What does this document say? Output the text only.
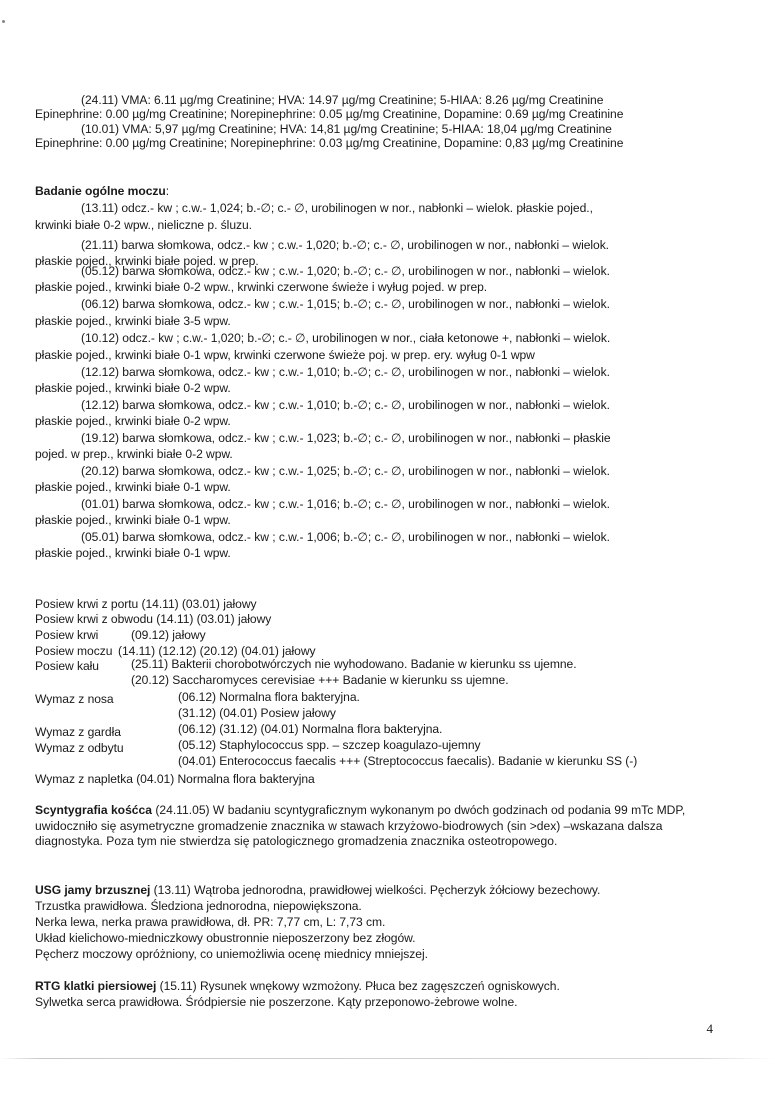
(24.11) VMA: 6.11 µg/mg Creatinine; HVA: 14.97 µg/mg Creatinine; 5-HIAA: 8.26 µg/mg Creatinine
Epinephrine: 0.00 µg/mg Creatinine; Norepinephrine: 0.05 µg/mg Creatinine, Dopamine: 0.69 µg/mg Creatinine
(10.01) VMA: 5,97 µg/mg Creatinine; HVA: 14,81 µg/mg Creatinine; 5-HIAA: 18,04 µg/mg Creatinine
Epinephrine: 0.00 µg/mg Creatinine; Norepinephrine: 0.03 µg/mg Creatinine, Dopamine: 0,83 µg/mg Creatinine
Badanie ogólne moczu:
(13.11) odcz.- kw ; c.w.- 1,024; b.-∅; c.- ∅, urobilinogen w nor., nabłonki – wielok. płaskie pojed.,
krwinki białe 0-2 wpw., nieliczne p. śluzu.
(21.11) barwa słomkowa, odcz.- kw ; c.w.- 1,020; b.-∅; c.- ∅, urobilinogen w nor., nabłonki – wielok.
płaskie pojed., krwinki białe pojed. w prep.
(05.12) barwa słomkowa, odcz.- kw ; c.w.- 1,020; b.-∅; c.- ∅, urobilinogen w nor., nabłonki – wielok.
płaskie pojed., krwinki białe 0-2 wpw., krwinki czerwone świeże i wyług pojed. w prep.
(06.12) barwa słomkowa, odcz.- kw ; c.w.- 1,015; b.-∅; c.- ∅, urobilinogen w nor., nabłonki – wielok.
płaskie pojed., krwinki białe 3-5 wpw.
(10.12) odcz.- kw ; c.w.- 1,020; b.-∅; c.- ∅, urobilinogen w nor., ciała ketonowe +, nabłonki – wielok.
płaskie pojed., krwinki białe 0-1 wpw, krwinki czerwone świeże poj. w prep. ery. wyług 0-1 wpw
(12.12) barwa słomkowa, odcz.- kw ; c.w.- 1,010; b.-∅; c.- ∅, urobilinogen w nor., nabłonki – wielok.
płaskie pojed., krwinki białe 0-2 wpw.
(12.12) barwa słomkowa, odcz.- kw ; c.w.- 1,010; b.-∅; c.- ∅, urobilinogen w nor., nabłonki – wielok.
płaskie pojed., krwinki białe 0-2 wpw.
(19.12) barwa słomkowa, odcz.- kw ; c.w.- 1,023; b.-∅; c.- ∅, urobilinogen w nor., nabłonki – płaskie
pojed. w prep., krwinki białe 0-2 wpw.
(20.12) barwa słomkowa, odcz.- kw ; c.w.- 1,025; b.-∅; c.- ∅, urobilinogen w nor., nabłonki – wielok.
płaskie pojed., krwinki białe 0-1 wpw.
(01.01) barwa słomkowa, odcz.- kw ; c.w.- 1,016; b.-∅; c.- ∅, urobilinogen w nor., nabłonki – wielok.
płaskie pojed., krwinki białe 0-1 wpw.
(05.01) barwa słomkowa, odcz.- kw ; c.w.- 1,006; b.-∅; c.- ∅, urobilinogen w nor., nabłonki – wielok.
płaskie pojed., krwinki białe 0-1 wpw.
Posiew krwi z portu (14.11) (03.01) jałowy
Posiew krwi z obwodu (14.11) (03.01) jałowy
Posiew krwi	(09.12) jałowy
Posiew moczu (14.11) (12.12) (20.12) (04.01) jałowy
Posiew kału	(25.11) Bakterii chorobotwórczych nie wyhodowano. Badanie w kierunku ss ujemne.
(20.12) Saccharomyces cerevisiae +++ Badanie w kierunku ss ujemne.
Wymaz z nosa	(06.12) Normalna flora bakteryjna.
(31.12) (04.01) Posiew jałowy
Wymaz z gardła	(06.12) (31.12) (04.01) Normalna flora bakteryjna.
Wymaz z odbytu	(05.12) Staphylococcus spp. – szczep koagulazo-ujemny
(04.01) Enterococcus faecalis +++ (Streptococcus faecalis). Badanie w kierunku SS (-)
Wymaz z napletka (04.01) Normalna flora bakteryjna
Scyntygrafia kośćca (24.11.05) W badaniu scyntygraficznym wykonanym po dwóch godzinach od podania 99 mTc MDP, uwidoczniło się asymetryczne gromadzenie znacznika w stawach krzyżowo-biodrowych (sin >dex) –wskazana dalsza diagnostyka. Poza tym nie stwierdza się patologicznego gromadzenia znacznika osteotropowego.
USG jamy brzusznej (13.11) Wątroba jednorodna, prawidłowej wielkości. Pęcherzyk żółciowy bezechowy.
Trzustka prawidłowa. Śledziona jednorodna, niepowiększona.
Nerka lewa, nerka prawa prawidłowa, dł. PR: 7,77 cm, L: 7,73 cm.
Układ kielichowo-miedniczkowy obustronnie nieposzerzony bez złogów.
Pęcherz moczowy opróżniony, co uniemożliwia ocenę miednicy mniejszej.
RTG klatki piersiowej (15.11) Rysunek wnękowy wzmożony. Płuca bez zagęszczeń ogniskowych.
Sylwetka serca prawidłowa. Śródpiersie nie poszerzone. Kąty przeponowo-żebrowe wolne.
4
